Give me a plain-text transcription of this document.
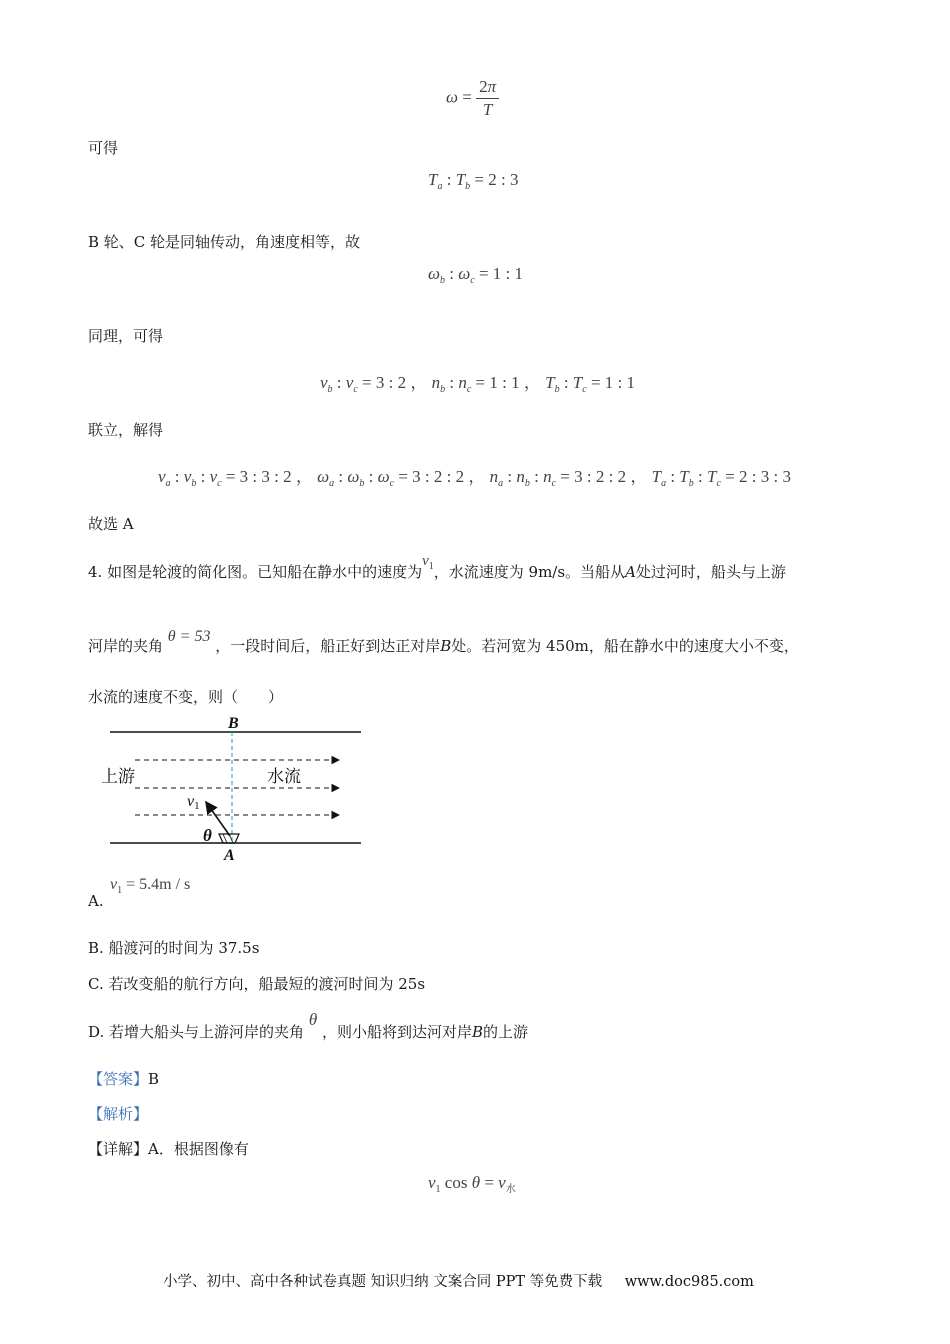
$\omega = \frac{2\pi}{T}$
可得
$T_a$ : $T_b = 2$ : 3
B 轮、C 轮是同轴传动，角速度相等，故
$\omega_b$ : $\omega_c = 1$ : 1
同理，可得
$v_b$ : $v_c = 3$ : 2 ， $n_b$ : $n_c = 1$ : 1 ， $T_b$ : $T_c = 1$ : 1
联立，解得
$v_a$ : $v_b$ : $v_c = 3$ : 3 : 2 ， $\omega_a$ : $\omega_b$ : $\omega_c = 3$ : 2 : 2 ， $n_a$ : $n_b$ : $n_c = 3$ : 2 : 2 ， $T_a$ : $T_b$ : $T_c = 2$ : 3 : 3
故选 A
4. 如图是轮渡的简化图。已知船在静水中的速度为$v_1$，水流速度为 9m/s。当船从A处过河时，船头与上游
河岸的夹角 θ = 53 ，一段时间后，船正好到达正对岸B处。若河宽为 450m，船在静水中的速度大小不变，
水流的速度不变，则（　　）
B
A
上游	水流
v1
θ
A.
$v_1 = 5.4m / s$
B. 船渡河的时间为 37.5s
C. 若改变船的航行方向，船最短的渡河时间为 25s
D. 若增大船头与上游河岸的夹角 θ ，则小船将到达河对岸B的上游
【答案】B
【解析】
【详解】A．根据图像有
$v_1$ $\cos \theta = v_水$
小学、初中、高中各种试卷真题 知识归纳 文案合同 PPT 等免费下载 www.doc985.com
